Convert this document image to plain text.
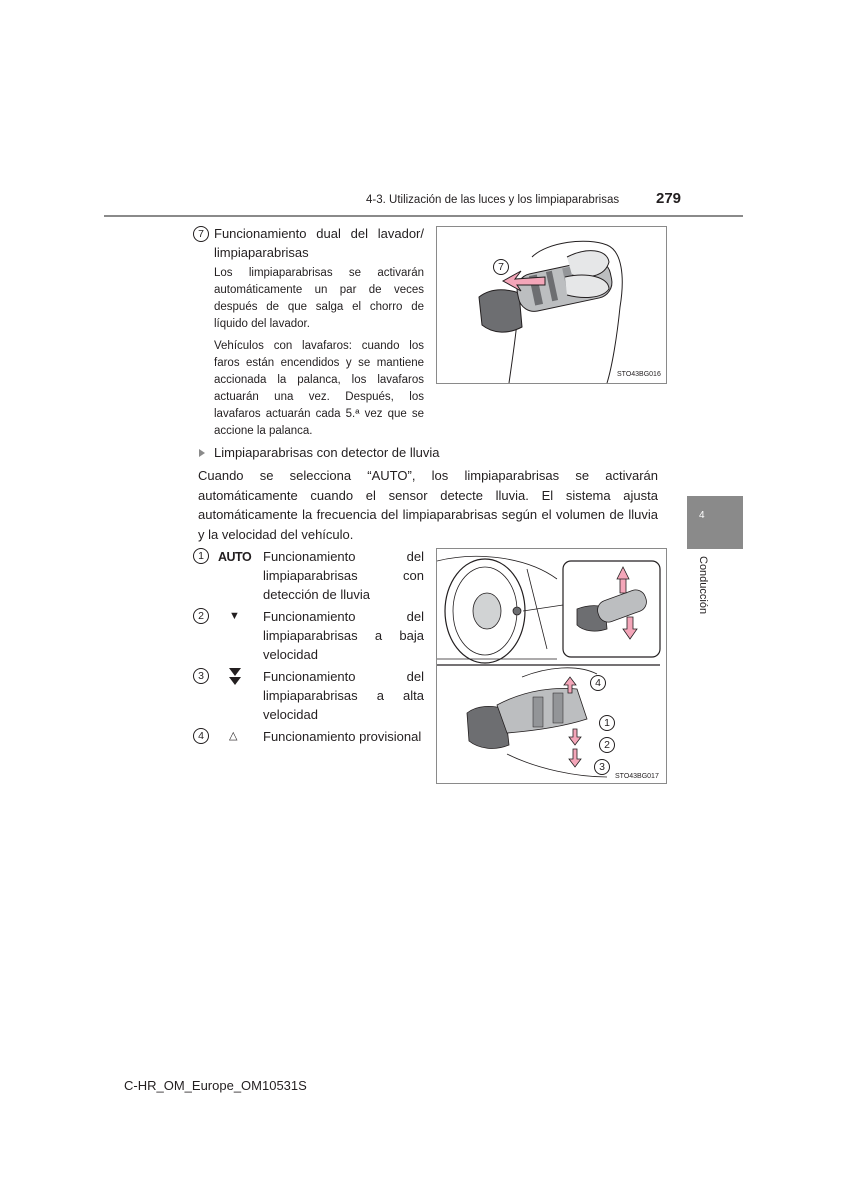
4-3. Utilización de las luces y los limpiaparabrisas 279
4
Conducción
7 Funcionamiento dual del lavador/ limpiaparabrisas
Los limpiaparabrisas se activarán automáticamente un par de veces después de que salga el chorro de líquido del lavador.
Vehículos con lavafaros: cuando los faros están encendidos y se mantiene accionada la palanca, los lavafaros actuarán una vez. Después, los lavafaros actuarán cada 5.ª vez que se accione la palanca.
7
STO43BG016
Limpiaparabrisas con detector de lluvia
Cuando se selecciona “AUTO”, los limpiaparabrisas se activarán automáticamente cuando el sensor detecte lluvia. El sistema ajusta automáticamente la frecuencia del limpiaparabrisas según el volumen de lluvia y la velocidad del vehículo.
1	AUTO Funcionamiento del limpiaparabrisas con detección de lluvia
2	▼ Funcionamiento del limpiaparabrisas a baja velocidad
3	Funcionamiento del limpiaparabrisas a alta velocidad
4	△ Funcionamiento provisional
4
1
2
3
STO43BG017
C-HR_OM_Europe_OM10531S
